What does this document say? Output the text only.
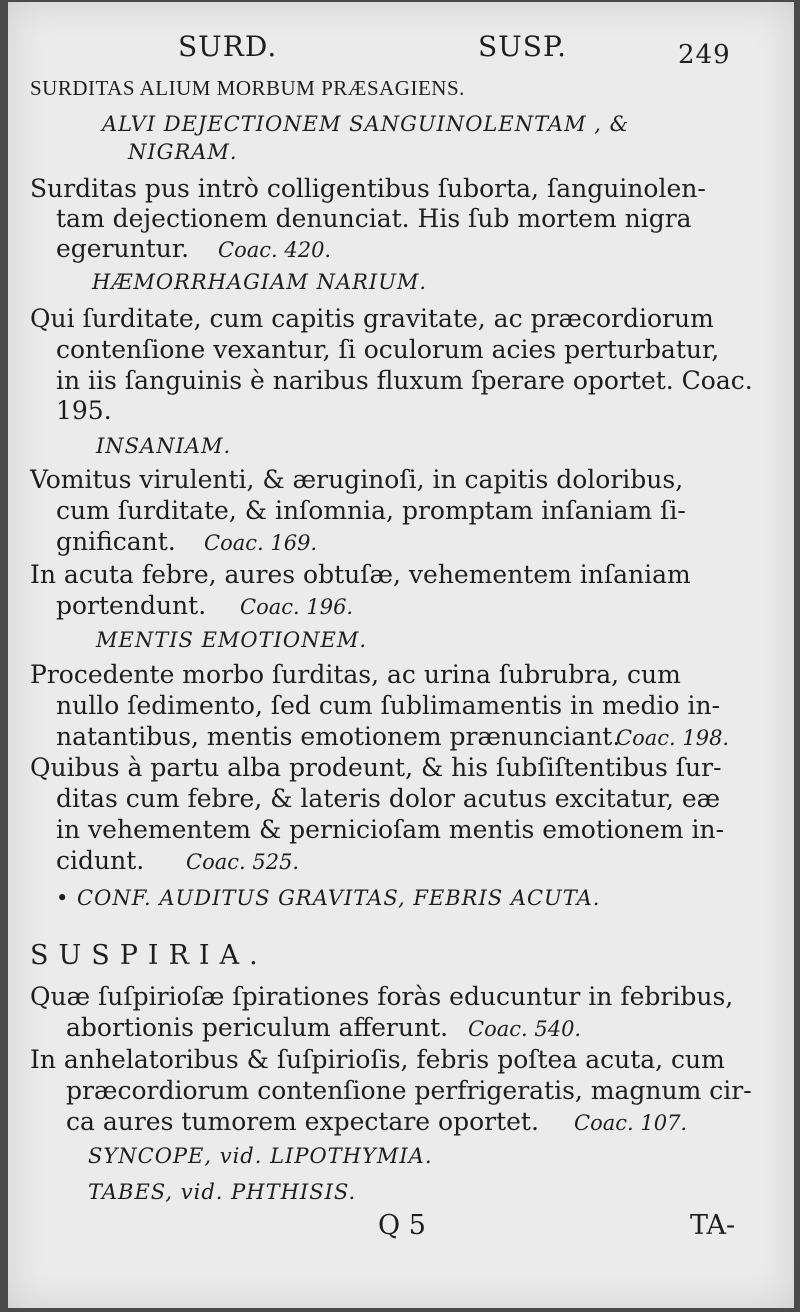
SURD.	SUSP.	249
SURDITAS ALIUM MORBUM PRÆSAGIENS.
ALVI DEJECTIONEM SANGUINOLENTAM , &
NIGRAM.
Surditas pus intrò colligentibus ſuborta, ſanguinolen-
tam dejectionem denunciat. His ſub mortem nigra
egeruntur. Coac. 420.
HÆMORRHAGIAM NARIUM.
Qui ſurditate, cum capitis gravitate, ac præcordiorum
contenſione vexantur, ſi oculorum acies perturbatur,
in iis ſanguinis è naribus fluxum ſperare oportet. Coac.
195.
INSANIAM.
Vomitus virulenti, & æruginoſi, in capitis doloribus,
cum ſurditate, & inſomnia, promptam inſaniam ſi-
gnificant. Coac. 169.
In acuta febre, aures obtuſæ, vehementem inſaniam
portendunt. Coac. 196.
MENTIS EMOTIONEM.
Procedente morbo ſurditas, ac urina ſubrubra, cum
nullo ſedimento, ſed cum ſublimamentis in medio in-
natantibus, mentis emotionem prænunciant.
Coac. 198.
Quibus à partu alba prodeunt, & his ſubſiſtentibus ſur-
ditas cum febre, & lateris dolor acutus excitatur, eæ
in vehementem & pernicioſam mentis emotionem in-
cidunt. Coac. 525.
• CONF. AUDITUS GRAVITAS, FEBRIS ACUTA.
SUSPIRIA.
Quæ ſuſpirioſæ ſpirationes foràs educuntur in febribus,
abortionis periculum afferunt. Coac. 540.
In anhelatoribus & ſuſpirioſis, febris poſtea acuta, cum
præcordiorum contenſione perfrigeratis, magnum cir-
ca aures tumorem expectare oportet. Coac. 107.
SYNCOPE, vid. LIPOTHYMIA.
TABES, vid. PHTHISIS.
Q 5	TA-
